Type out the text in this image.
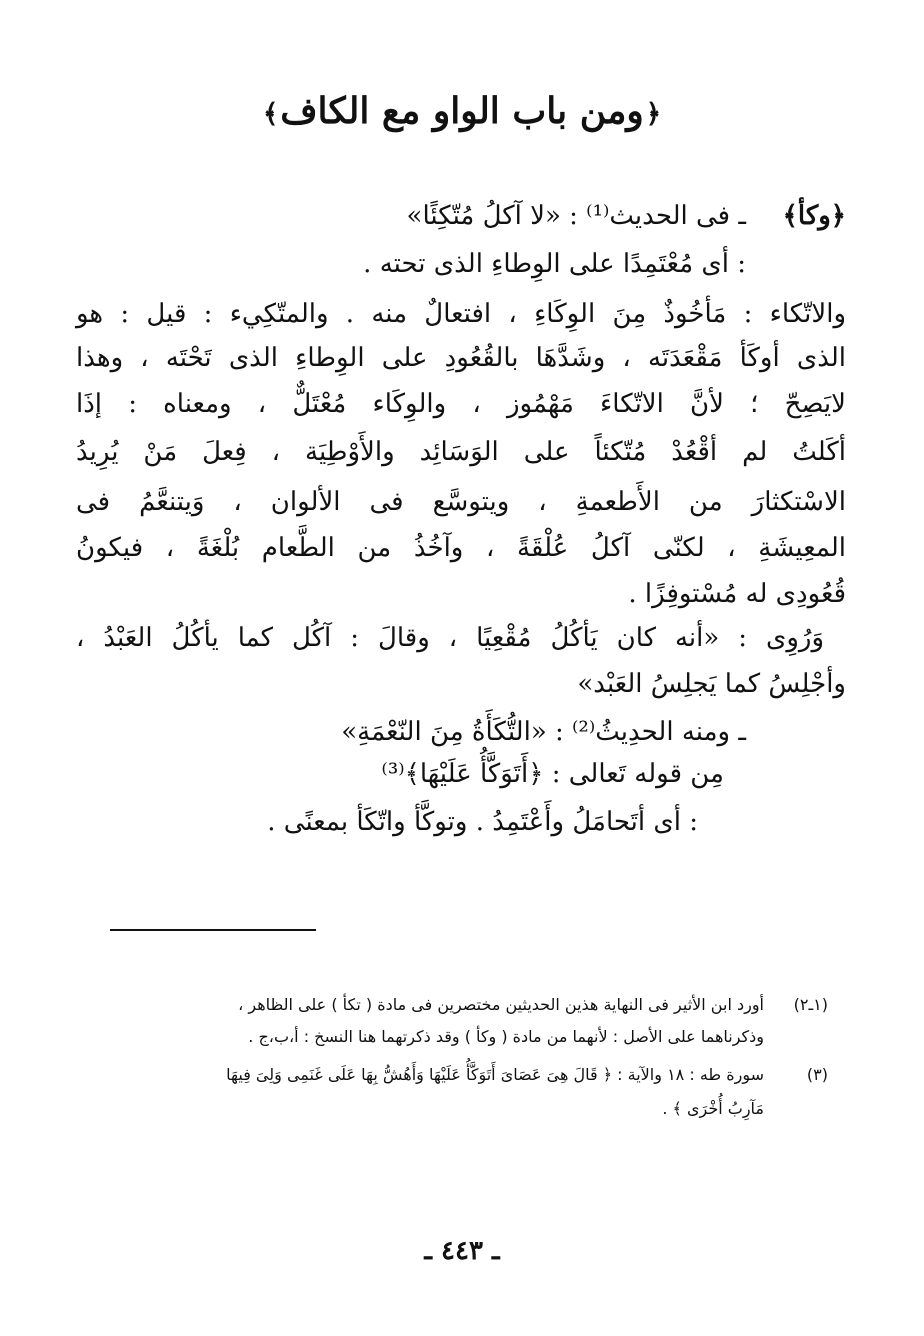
﴿ومن باب الواو مع الكاف﴾
﴿وكأ﴾
ـ فى الحديث⁽¹⁾ : «لا آكلُ مُتّكِئًا»
: أى مُعْتَمِدًا على الوِطاءِ الذى تحته .
والاتّكاء : مَأخُوذٌ مِنَ الوِكَاءِ ، افتعالٌ منه . والمتّكِيء : قيل : هو
الذى أوكَأ مَقْعَدَتَه ، وشَدَّهَا بالقُعُودِ على الوِطاءِ الذى تَحْتَه ، وهذا
لايَصِحّ ؛ لأنَّ الاتّكاءَ مَهْمُوز ، والوِكَاء مُعْتَلٌّ ، ومعناه : إذَا
أكَلتُ لم أقْعُدْ مُتّكئاً على الوَسَائِد والأَوْطِيَة ، فِعلَ مَنْ يُرِيدُ
الاسْتكثارَ من الأَطعمةِ ، ويتوسَّع فى الألوان ، وَيتنعَّمُ فى
المعِيشَةِ ، لكنّى آكلُ عُلْقَةً ، وآخُذُ من الطَّعام بُلْغَةً ، فيكونُ
قُعُودِى له مُسْتوفِزًا .
وَرُوِى : «أنه كان يَأكُلُ مُقْعِيًا ، وقالَ : آكُل كما يأكُلُ العَبْدُ ،
وأجْلِسُ كما يَجلِسُ العَبْد»
ـ ومنه الحدِيثُ⁽²⁾ : «التُّكَأَةُ مِنَ النّعْمَةِ»
مِن قوله تَعالى : ﴿أَتَوَكَّأُ عَلَيْهَا﴾⁽³⁾
: أى أتَحامَلُ وأَعْتَمِدُ . وتوكَّأ واتّكَأ بمعنًى .
(١ـ٢)
أورد ابن الأثير فى النهاية هذين الحديثين مختصرين فى مادة ( تكأ ) على الظاهر ،
وذكرناهما على الأصل : لأنهما من مادة ( وكأ ) وقد ذكرتهما هنا النسخ : أ،ب،ج .
(٣)
سورة طه : ١٨ والآية : ﴿ قَالَ هِىَ عَصَاىَ أَتَوَكَّأُ عَلَيْهَا وَأَهُشُّ بِهَا عَلَى غَنَمِى وَلِىَ فِيهَا
مَآرِبُ أُخْرَى ﴾ .
ـ ٤٤٣ ـ
